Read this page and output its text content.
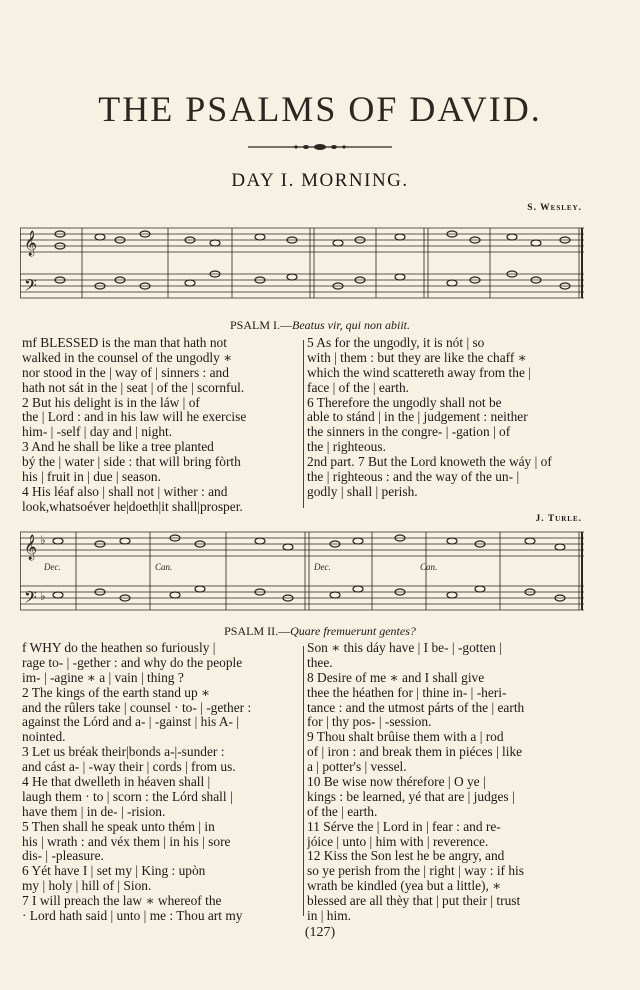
THE PSALMS OF DAVID.
DAY I. MORNING.
S. Wesley.
𝄞
𝄢
PSALM I.—Beatus vir, qui non abiit.
mf BLESSED is the man that hath not
walked in the counsel of the ungodly ∗
nor stood in the | way of | sinners : and
hath not sát in the | seat | of the | scornful.
2 But his delight is in the láw | of
the | Lord : and in his law will he exercise
him- | -self | day and | night.
3 And he shall be like a tree planted
bý the | water | side : that will bring fòrth
his | fruit in | due | season.
4 His léaf also | shall not | wither : and
look,whatsoéver he|doeth|it shall|prosper.
5 As for the ungodly, it is nót | so
with | them : but they are like the chaff ∗
which the wind scattereth away from the |
face | of the | earth.
6 Therefore the ungodly shall not be
able to stánd | in the | judgement : neither
the sinners in the congre- | -gation | of
the | righteous.
2nd part. 7 But the Lord knoweth the wáy | of
the | righteous : and the way of the un- |
godly | shall | perish.
J. Turle.
𝄞
𝄢
♭
♭
Dec.	Can.	Dec.	Can.
PSALM II.—Quare fremuerunt gentes?
f WHY do the heathen so furiously |
rage to- | -gether : and why do the people
im- | -agine ∗ a | vain | thing ?
2 The kings of the earth stand up ∗
and the rûlers take | counsel · to- | -gether :
against the Lórd and a- | -gainst | his A- |
nointed.
3 Let us bréak their|bonds a-|-sunder :
and cást a- | -way their | cords | from us.
4 He that dwelleth in héaven shall |
laugh them · to | scorn : the Lórd shall |
have them | in de- | -rision.
5 Then shall he speak unto thém | in
his | wrath : and véx them | in his | sore
dis- | -pleasure.
6 Yét have I | set my | King : upòn
my | holy | hill of | Sion.
7 I will preach the law ∗ whereof the
· Lord hath said | unto | me : Thou art my
Son ∗ this dáy have | I be- | -gotten |
thee.
8 Desire of me ∗ and I shall give
thee the héathen for | thine in- | -heri-
tance : and the utmost párts of the | earth
for | thy pos- | -session.
9 Thou shalt brûise them with a | rod
of | iron : and break them in piéces | like
a | potter's | vessel.
10 Be wise now thérefore | O ye |
kings : be learned, yé that are | judges |
of the | earth.
11 Sérve the | Lord in | fear : and re-
jóice | unto | him with | reverence.
12 Kiss the Son lest he be angry, and
so ye perish from the | right | way : if his
wrath be kindled (yea but a little), ∗
blessed are all thèy that | put their | trust
in | him.
(127)
